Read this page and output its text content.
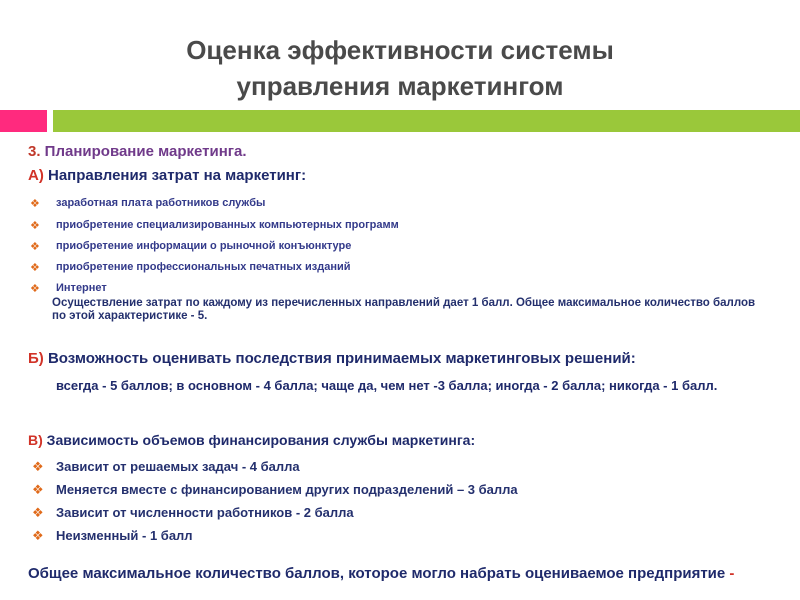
Оценка эффективности системы
управления маркетингом
3. Планирование маркетинга.
А) Направления затрат на маркетинг:
❖ заработная плата работников службы
❖ приобретение специализированных компьютерных программ
❖ приобретение информации о рыночной конъюнктуре
❖ приобретение профессиональных печатных изданий
❖ Интернет
Осуществление затрат по каждому из перечисленных направлений дает 1 балл. Общее максимальное количество баллов по этой характеристике - 5.
Б) Возможность оценивать последствия принимаемых маркетинговых решений:
всегда - 5 баллов; в основном - 4 балла; чаще да, чем нет -3 балла; иногда - 2 балла; никогда - 1 балл.
В) Зависимость объемов финансирования службы маркетинга:
❖ Зависит от решаемых задач - 4 балла
❖ Меняется вместе с финансированием других подразделений – 3 балла
❖ Зависит от численности работников - 2 балла
❖ Неизменный - 1 балл
Общее максимальное количество баллов, которое могло набрать оцениваемое предприятие -
